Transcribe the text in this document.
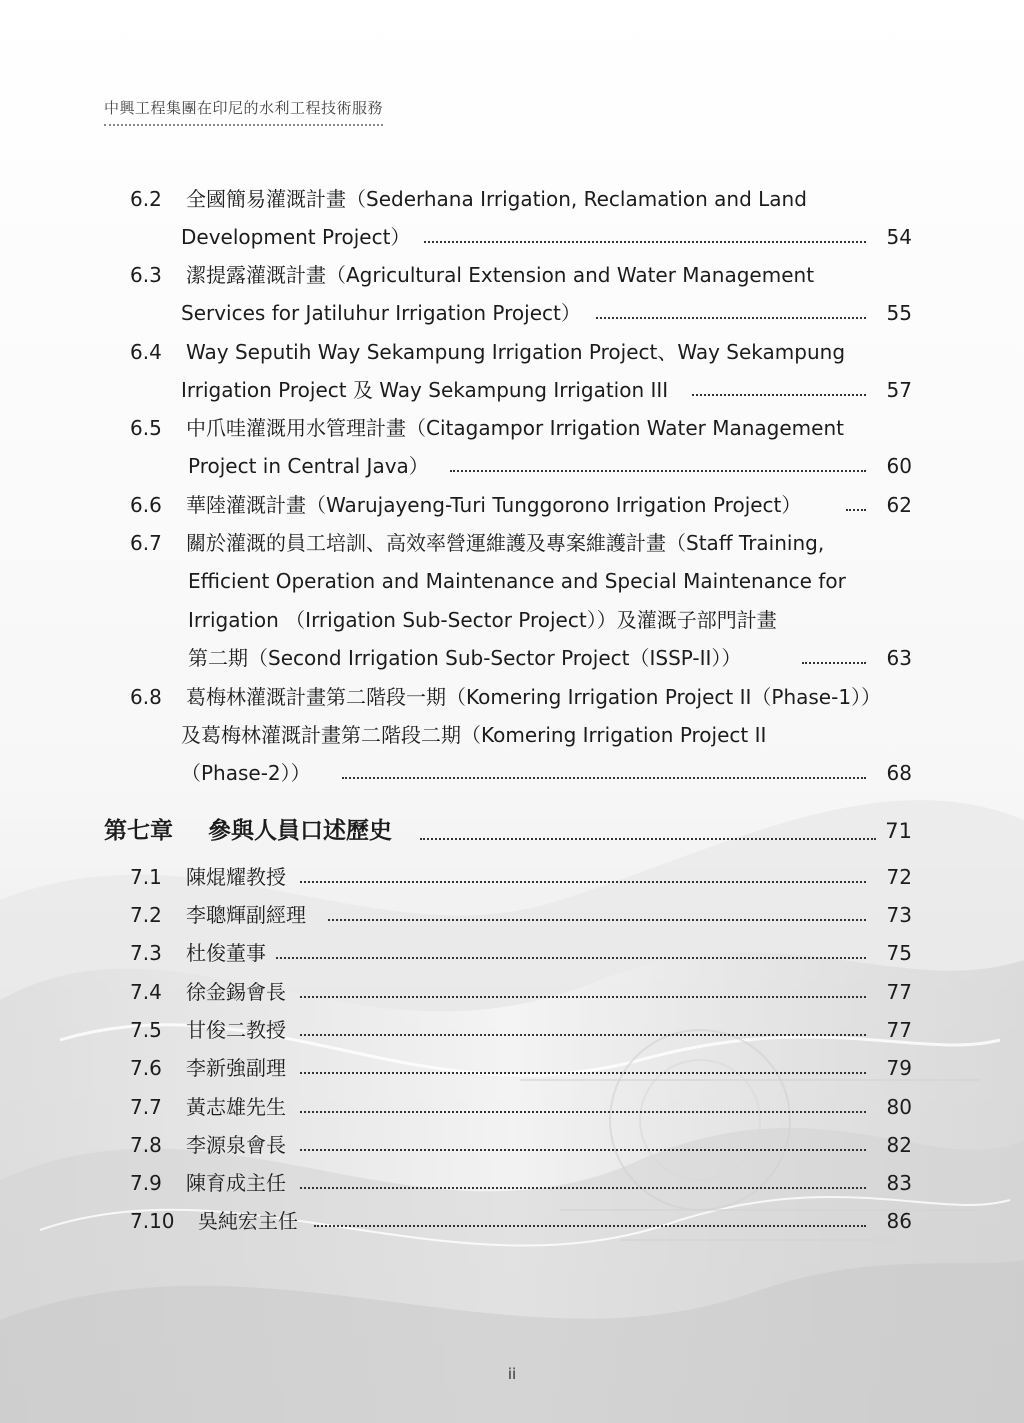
中興工程集團在印尼的水利工程技術服務
6.2 全國簡易灌溉計畫（Sederhana Irrigation, Reclamation and Land
Development Project）	54
6.3 潔提露灌溉計畫（Agricultural Extension and Water Management
Services for Jatiluhur Irrigation Project）	55
6.4 Way Seputih Way Sekampung Irrigation Project、Way Sekampung
Irrigation Project 及 Way Sekampung Irrigation III	57
6.5 中爪哇灌溉用水管理計畫（Citagampor Irrigation Water Management
Project in Central Java）	60
6.6 華陸灌溉計畫（Warujayeng-Turi Tunggorono Irrigation Project）	62
6.7 關於灌溉的員工培訓、高效率營運維護及專案維護計畫（Staff Training,
Efficient Operation and Maintenance and Special Maintenance for
Irrigation （Irrigation Sub-Sector Project））及灌溉子部門計畫
第二期（Second Irrigation Sub-Sector Project（ISSP-II））	63
6.8 葛梅林灌溉計畫第二階段一期（Komering Irrigation Project II（Phase-1））
及葛梅林灌溉計畫第二階段二期（Komering Irrigation Project II
（Phase-2））	68
第七章 參與人員口述歷史	71
7.1 陳焜耀教授	72
7.2 李聰輝副經理	73
7.3 杜俊董事	75
7.4 徐金錫會長	77
7.5 甘俊二教授	77
7.6 李新強副理	79
7.7 黃志雄先生	80
7.8 李源泉會長	82
7.9 陳育成主任	83
7.10 吳純宏主任	86
ii
